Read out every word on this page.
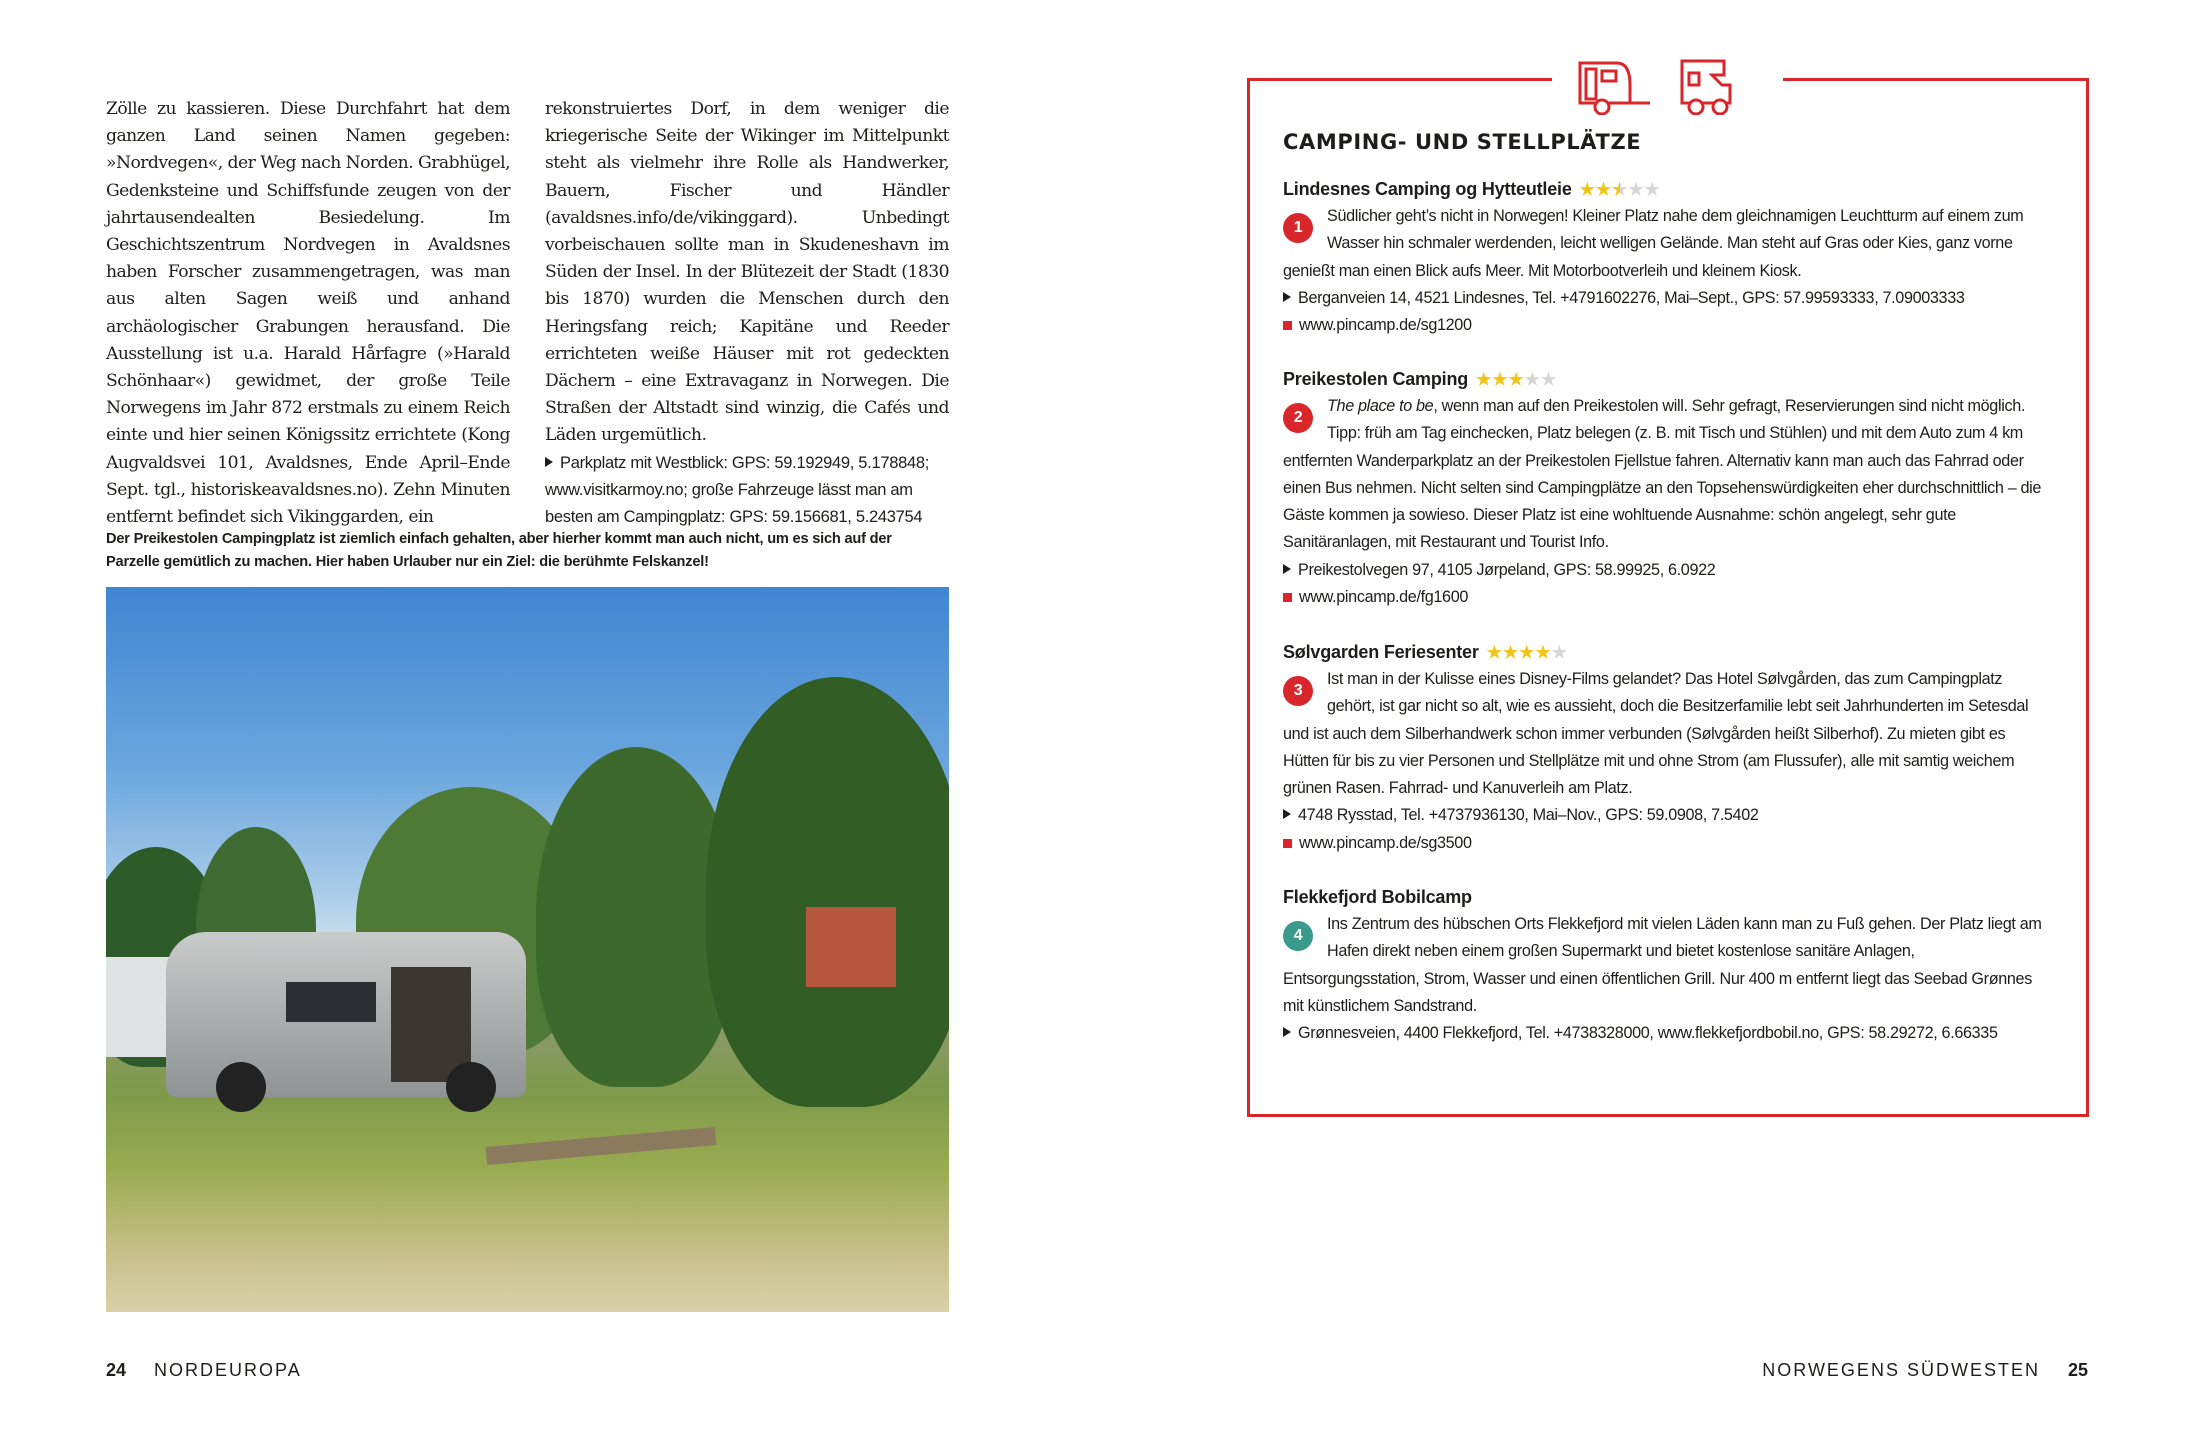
Zölle zu kassieren. Diese Durchfahrt hat dem ganzen Land seinen Namen gegeben: »Nordvegen«, der Weg nach Norden. Grabhügel, Gedenksteine und Schiffsfunde zeugen von der jahrtausendealten Besiedelung. Im Geschichtszentrum Nordvegen in Avaldsnes haben Forscher zusammengetragen, was man aus alten Sagen weiß und anhand archäologischer Grabungen herausfand. Die Ausstellung ist u.a. Harald Hårfagre (»Harald Schönhaar«) gewidmet, der große Teile Norwegens im Jahr 872 erstmals zu einem Reich einte und hier seinen Königssitz errichtete (Kong Augvaldsvei 101, Avaldsnes, Ende April–Ende Sept. tgl., historiskeavaldsnes.no). Zehn Minuten entfernt befindet sich Vikinggarden, ein
rekonstruiertes Dorf, in dem weniger die kriegerische Seite der Wikinger im Mittelpunkt steht als vielmehr ihre Rolle als Handwerker, Bauern, Fischer und Händler (avaldsnes.info/de/vikinggard). Unbedingt vorbeischauen sollte man in Skudeneshavn im Süden der Insel. In der Blütezeit der Stadt (1830 bis 1870) wurden die Menschen durch den Heringsfang reich; Kapitäne und Reeder errichteten weiße Häuser mit rot gedeckten Dächern – eine Extravaganz in Norwegen. Die Straßen der Altstadt sind winzig, die Cafés und Läden urgemütlich.
Parkplatz mit Westblick: GPS: 59.192949, 5.178848; www.visitkarmoy.no; große Fahrzeuge lässt man am besten am Campingplatz: GPS: 59.156681, 5.243754
Der Preikestolen Campingplatz ist ziemlich einfach gehalten, aber hierher kommt man auch nicht, um es sich auf der Parzelle gemütlich zu machen. Hier haben Urlauber nur ein Ziel: die berühmte Felskanzel!
24 NORDEUROPA	NORWEGENS SÜDWESTEN 25
CAMPING- UND STELLPLÄTZE
Lindesnes Camping og Hytteutleie ★★★★★
1

Südlicher geht’s nicht in Norwegen! Kleiner Platz nahe dem gleichnamigen Leuchtturm auf einem zum Wasser hin schmaler werdenden, leicht welligen Gelände. Man steht auf Gras oder Kies, ganz vorne genießt man einen Blick aufs Meer. Mit Motorbootverleih und kleinem Kiosk.

Berganveien 14, 4521 Lindesnes, Tel. +4791602276, Mai–Sept., GPS: 57.99593333, 7.09003333
www.pincamp.de/sg1200
Preikestolen Camping ★★★★★
2

The place to be, wenn man auf den Preikestolen will. Sehr gefragt, Reservierungen sind nicht möglich. Tipp: früh am Tag einchecken, Platz belegen (z. B. mit Tisch und Stühlen) und mit dem Auto zum 4 km entfernten Wanderparkplatz an der Preikestolen Fjellstue fahren. Alternativ kann man auch das Fahrrad oder einen Bus nehmen. Nicht selten sind Campingplätze an den Topsehenswürdigkeiten eher durchschnittlich – die Gäste kommen ja sowieso. Dieser Platz ist eine wohltuende Ausnahme: schön angelegt, sehr gute Sanitäranlagen, mit Restaurant und Tourist Info.

Preikestolvegen 97, 4105 Jørpeland, GPS: 58.99925, 6.0922
www.pincamp.de/fg1600
Sølvgarden Feriesenter ★★★★★
3

Ist man in der Kulisse eines Disney-Films gelandet? Das Hotel Sølvgården, das zum Campingplatz gehört, ist gar nicht so alt, wie es aussieht, doch die Besitzerfamilie lebt seit Jahrhunderten im Setesdal und ist auch dem Silberhandwerk schon immer verbunden (Sølvgården heißt Silberhof). Zu mieten gibt es Hütten für bis zu vier Personen und Stellplätze mit und ohne Strom (am Flussufer), alle mit samtig weichem grünen Rasen. Fahrrad- und Kanuverleih am Platz.

4748 Rysstad, Tel. +4737936130, Mai–Nov., GPS: 59.0908, 7.5402
www.pincamp.de/sg3500
Flekkefjord Bobilcamp
4

Ins Zentrum des hübschen Orts Flekkefjord mit vielen Läden kann man zu Fuß gehen. Der Platz liegt am Hafen direkt neben einem großen Supermarkt und bietet kostenlose sanitäre Anlagen, Entsorgungsstation, Strom, Wasser und einen öffentlichen Grill. Nur 400 m entfernt liegt das Seebad Grønnes mit künstlichem Sandstrand.

Grønnesveien, 4400 Flekkefjord, Tel. +4738328000, www.flekkefjordbobil.no, GPS: 58.29272, 6.66335
